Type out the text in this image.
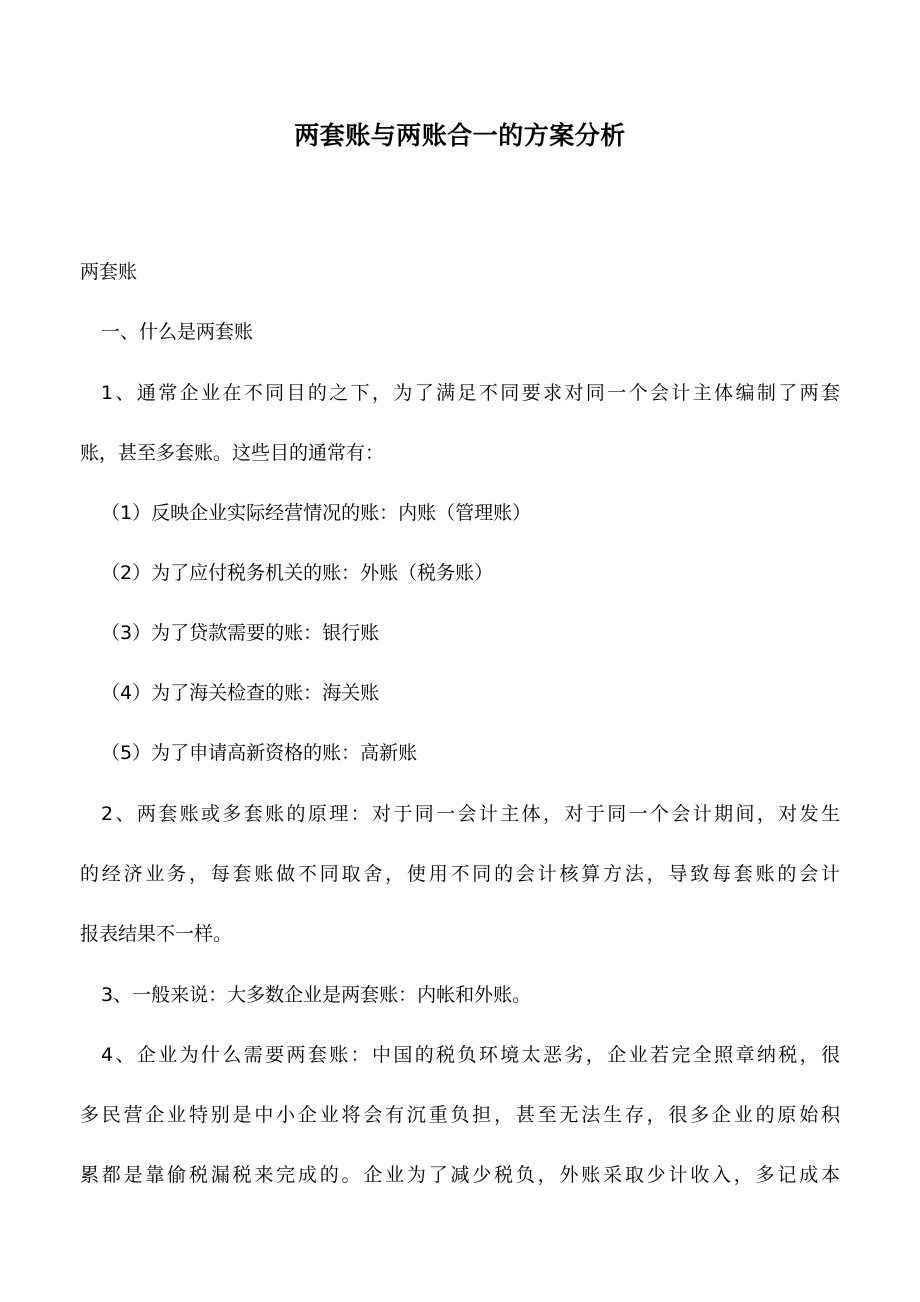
两套账与两账合一的方案分析
两套账
一、什么是两套账
1、通常企业在不同目的之下，为了满足不同要求对同一个会计主体编制了两套
账，甚至多套账。这些目的通常有：
（1）反映企业实际经营情况的账：内账（管理账）
（2）为了应付税务机关的账：外账（税务账）
（3）为了贷款需要的账：银行账
（4）为了海关检查的账：海关账
（5）为了申请高新资格的账：高新账
2、两套账或多套账的原理：对于同一会计主体，对于同一个会计期间，对发生
的经济业务，每套账做不同取舍，使用不同的会计核算方法，导致每套账的会计
报表结果不一样。
3、一般来说：大多数企业是两套账：内帐和外账。
4、企业为什么需要两套账：中国的税负环境太恶劣，企业若完全照章纳税，很
多民营企业特别是中小企业将会有沉重负担，甚至无法生存，很多企业的原始积
累都是靠偷税漏税来完成的。企业为了减少税负，外账采取少计收入，多记成本
